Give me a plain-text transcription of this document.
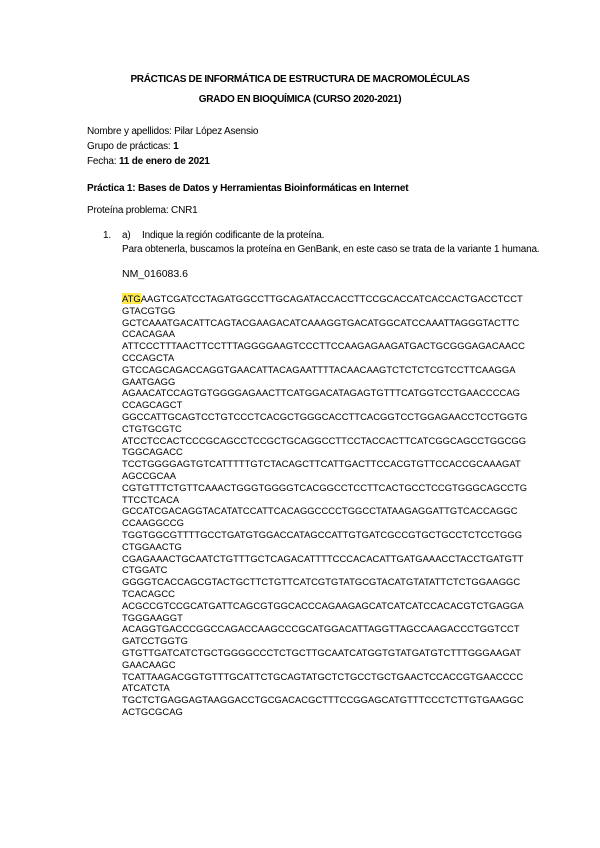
PRÁCTICAS DE INFORMÁTICA DE ESTRUCTURA DE MACROMOLÉCULAS
GRADO EN BIOQUÍMICA (CURSO 2020-2021)
Nombre y apellidos: Pilar López Asensio
Grupo de prácticas: 1
Fecha: 11 de enero de 2021
Práctica 1: Bases de Datos y Herramientas Bioinformáticas en Internet
Proteína problema: CNR1
1. a) Indique la región codificante de la proteína.
Para obtenerla, buscamos la proteína en GenBank, en este caso se trata de la variante 1 humana.
NM_016083.6
ATGAAGTCGATCCTAGATGGCCTTGCAGATACCACCTTCCGCACCATCACCACTGACCTCCT
GTACGTGG
GCTCAAATGACATTCAGTACGAAGACATCAAAGGTGACATGGCATCCAAATTAGGGTACTTC
CCACAGAA
ATTCCCTTTAACTTCCTTTAGGGGAAGTCCCTTCCAAGAGAAGATGACTGCGGGAGACAACC
CCCAGCTA
GTCCAGCAGACCAGGTGAACATTACAGAATTTTACAACAAGTCTCTCTCGTCCTTCAAGGA
GAATGAGG
AGAACATCCAGTGTGGGGAGAACTTCATGGACATAGAGTGTTTCATGGTCCTGAACCCCAG
CCAGCAGCT
GGCCATTGCAGTCCTGTCCCTCACGCTGGGCACCTTCACGGTCCTGGAGAACCTCCTGGTG
CTGTGCGTC
ATCCTCCACTCCCGCAGCCTCCGCTGCAGGCCTTCCTACCACTTCATCGGCAGCCTGGCGG
TGGCAGACC
TCCTGGGGAGTGTCATTTTTGTCTACAGCTTCATTGACTTCCACGTGTTCCACCGCAAAGAT
AGCCGCAA
CGTGTTTCTGTTCAAACTGGGTGGGGTCACGGCCTCCTTCACTGCCTCCGTGGGCAGCCTG
TTCCTCACA
GCCATCGACAGGTACATATCCATTCACAGGCCCCTGGCCTATAAGAGGATTGTCACCAGGC
CCAAGGCCG
TGGTGGCGTTTTGCCTGATGTGGACCATAGCCATTGTGATCGCCGTGCTGCCTCTCCTGGG
CTGGAACTG
CGAGAAACTGCAATCTGTTTGCTCAGACATTTTCCCACACATTGATGAAACCTACCTGATGTT
CTGGATC
GGGGTCACCAGCGTACTGCTTCTGTTCATCGTGTATGCGTACATGTATATTCTCTGGAAGGC
TCACAGCC
ACGCCGTCCGCATGATTCAGCGTGGCACCCAGAAGAGCATCATCATCCACACGTCTGAGGA
TGGGAAGGT
ACAGGTGACCCGGCCAGACCAAGCCCGCATGGACATTAGGTTAGCCAAGACCCTGGTCCT
GATCCTGGTG
GTGTTGATCATCTGCTGGGGCCCTCTGCTTGCAATCATGGTGTATGATGTCTTTGGGAAGAT
GAACAAGC
TCATTAAGACGGTGTTTGCATTCTGCAGTATGCTCTGCCTGCTGAACTCCACCGTGAACCCC
ATCATCTA
TGCTCTGAGGAGTAAGGACCTGCGACACGCTTTCCGGAGCATGTTTCCCTCTTGTGAAGGC
ACTGCGCAG
